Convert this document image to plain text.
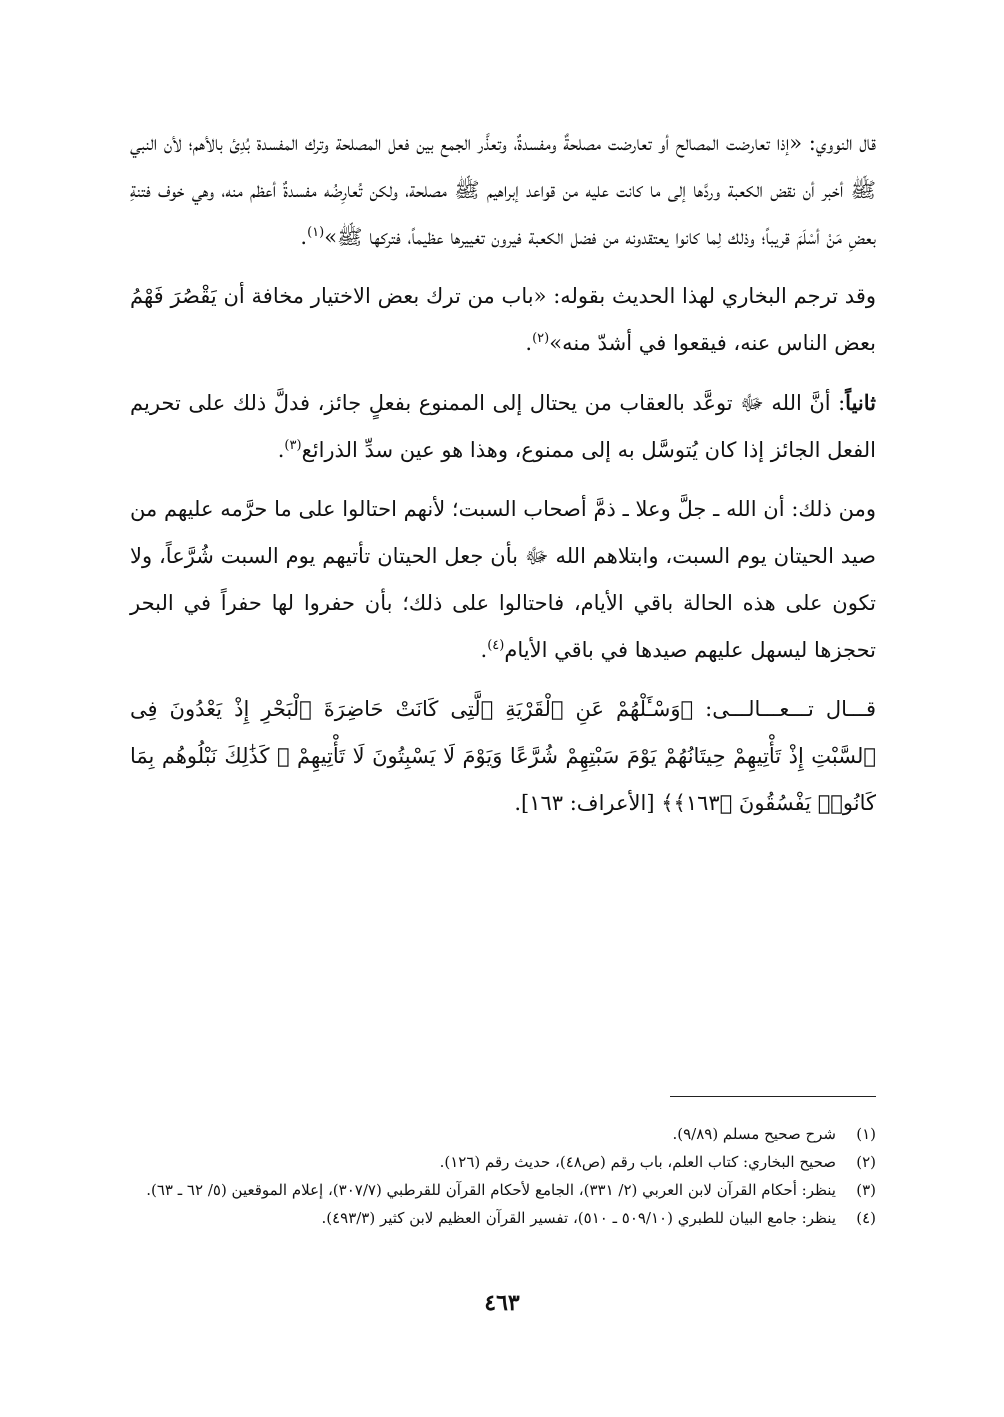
قال النووي: «إذا تعارضت المصالح أو تعارضت مصلحةٌ ومفسدةٌ، وتعذَّر الجمع بين فعل المصلحة وترك المفسدة بُدِئ بالأهم؛ لأن النبي ﷺ أخبر أن نقض الكعبة وردَّها إلى ما كانت عليه من قواعد إبراهيم ﷺ مصلحة، ولكن تُعارِضُه مفسدةٌ أعظم منه، وهي خوف فتنةِ بعضِ مَنْ أسْلَمَ قريباً؛ وذلك لِما كانوا يعتقدونه من فضل الكعبة فيرون تغييرها عظيماً، فتركها ﷺ»$^{(١)}$.

وقد ترجم البخاري لهذا الحديث بقوله: «باب من ترك بعض الاختيار مخافة أن يَقْصُرَ فَهْمُ بعض الناس عنه، فيقعوا في أشدّ منه»$^{(٢)}$.

ثانياً: أنَّ الله ﷻ توعَّد بالعقاب من يحتال إلى الممنوع بفعلٍ جائز، فدلَّ ذلك على تحريم الفعل الجائز إذا كان يُتوسَّل به إلى ممنوع، وهذا هو عين سدِّ الذرائع$^{(٣)}$.

ومن ذلك: أن الله ـ جلَّ وعلا ـ ذمَّ أصحاب السبت؛ لأنهم احتالوا على ما حرَّمه عليهم من صيد الحيتان يوم السبت، وابتلاهم الله ﷻ بأن جعل الحيتان تأتيهم يوم السبت شُرَّعاً، ولا تكون على هذه الحالة باقي الأيام، فاحتالوا على ذلك؛ بأن حفروا لها حفراً في البحر تحجزها ليسهل عليهم صيدها في باقي الأيام$^{(٤)}$.

قـــال تـــعـــالـــى: ﴿وَسْـَٔلْهُمْ عَنِ ٱلْقَرْيَةِ ٱلَّتِى كَانَتْ حَاضِرَةَ ٱلْبَحْرِ إِذْ يَعْدُونَ فِى ٱلسَّبْتِ إِذْ تَأْتِيهِمْ حِيتَانُهُمْ يَوْمَ سَبْتِهِمْ شُرَّعًا وَيَوْمَ لَا يَسْبِتُونَ لَا تَأْتِيهِمْ ۚ كَذَٰلِكَ نَبْلُوهُم بِمَا كَانُوا۟ يَفْسُقُونَ ﴿١٦٣﴾﴾ [الأعراف: ١٦٣].

(١)
شرح صحيح مسلم (٩/٨٩).
(٢)
صحيح البخاري: كتاب العلم، باب رقم (ص٤٨)، حديث رقم (١٢٦).
(٣)
ينظر: أحكام القرآن لابن العربي (٢/ ٣٣١)، الجامع لأحكام القرآن للقرطبي (٣٠٧/٧)، إعلام الموقعين (٥/ ٦٢ ـ ٦٣).
(٤)
ينظر: جامع البيان للطبري (٥٠٩/١٠ ـ ٥١٠)، تفسير القرآن العظيم لابن كثير (٤٩٣/٣).
٤٦٣
